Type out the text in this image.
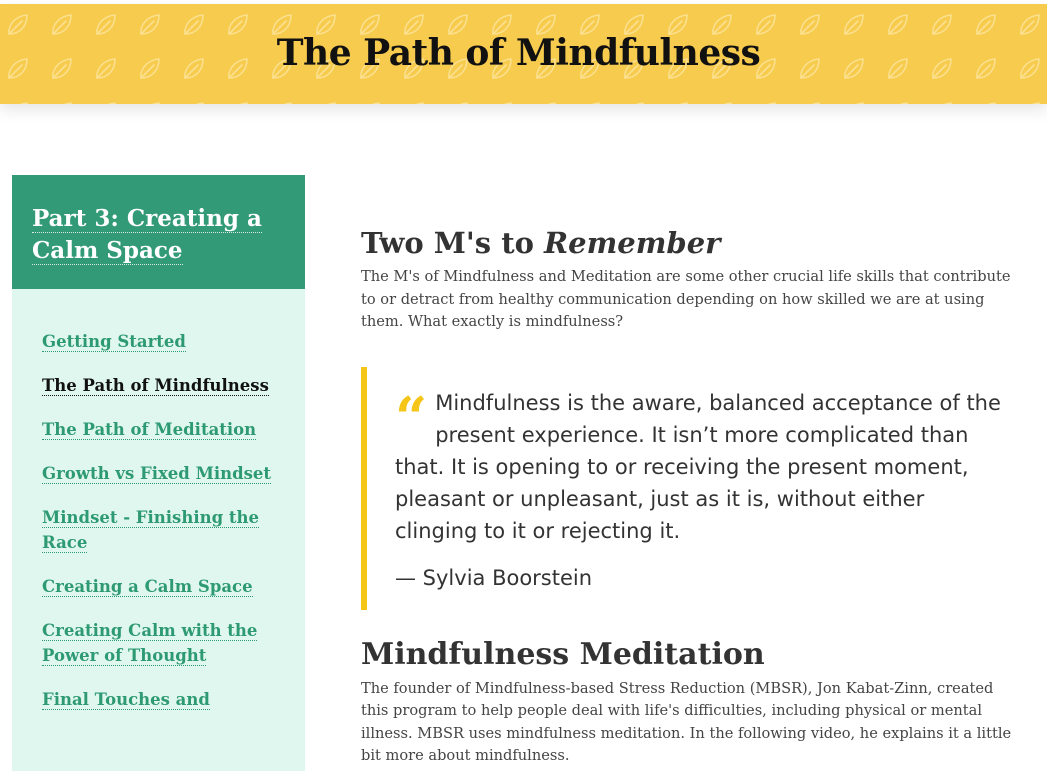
The Path of Mindfulness
Part 3: Creating a Calm Space
Getting Started
The Path of Mindfulness
The Path of Meditation
Growth vs Fixed Mindset
Mindset - Finishing the Race
Creating a Calm Space
Creating Calm with the Power of Thought
Final Touches and
Two M's to Remember

The M's of Mindfulness and Meditation are some other crucial life skills that contribute to or detract from healthy communication depending on how skilled we are at using them. What exactly is mindfulness?

“ Mindfulness is the aware, balanced acceptance of the present experience. It isn’t more complicated than that. It is opening to or receiving the present moment, pleasant or unpleasant, just as it is, without either clinging to it or rejecting it.
— Sylvia Boorstein
Mindfulness Meditation

The founder of Mindfulness-based Stress Reduction (MBSR), Jon Kabat-Zinn, created this program to help people deal with life's difficulties, including physical or mental illness. MBSR uses mindfulness meditation. In the following video, he explains it a little bit more about mindfulness.
